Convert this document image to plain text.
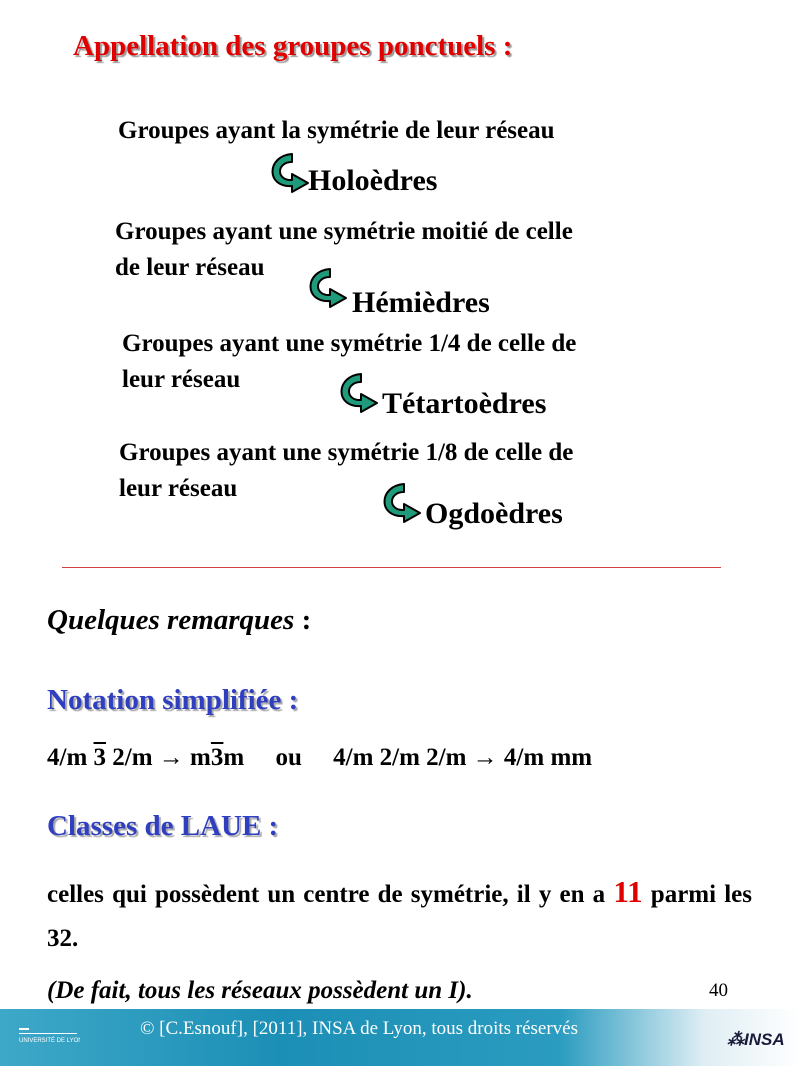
Appellation des groupes ponctuels :
Groupes ayant la symétrie de leur réseau
Holoèdres
Groupes ayant une symétrie moitié de celle
de leur réseau
Hémièdres
Groupes ayant une symétrie 1/4 de celle de
leur réseau
Tétartoèdres
Groupes ayant une symétrie 1/8 de celle de
leur réseau
Ogdoèdres
Quelques remarques :
Notation simplifiée :
4/m 3 2/m → m3m     ou     4/m 2/m 2/m → 4/m mm
Classes de LAUE :
celles qui possèdent un centre de symétrie, il y en a 11 parmi les 32.
(De fait, tous les réseaux possèdent un I).	40
UNIVERSITÉ DE LYON
© [C.Esnouf], [2011], INSA de Lyon, tous droits réservés
⁂INSA
